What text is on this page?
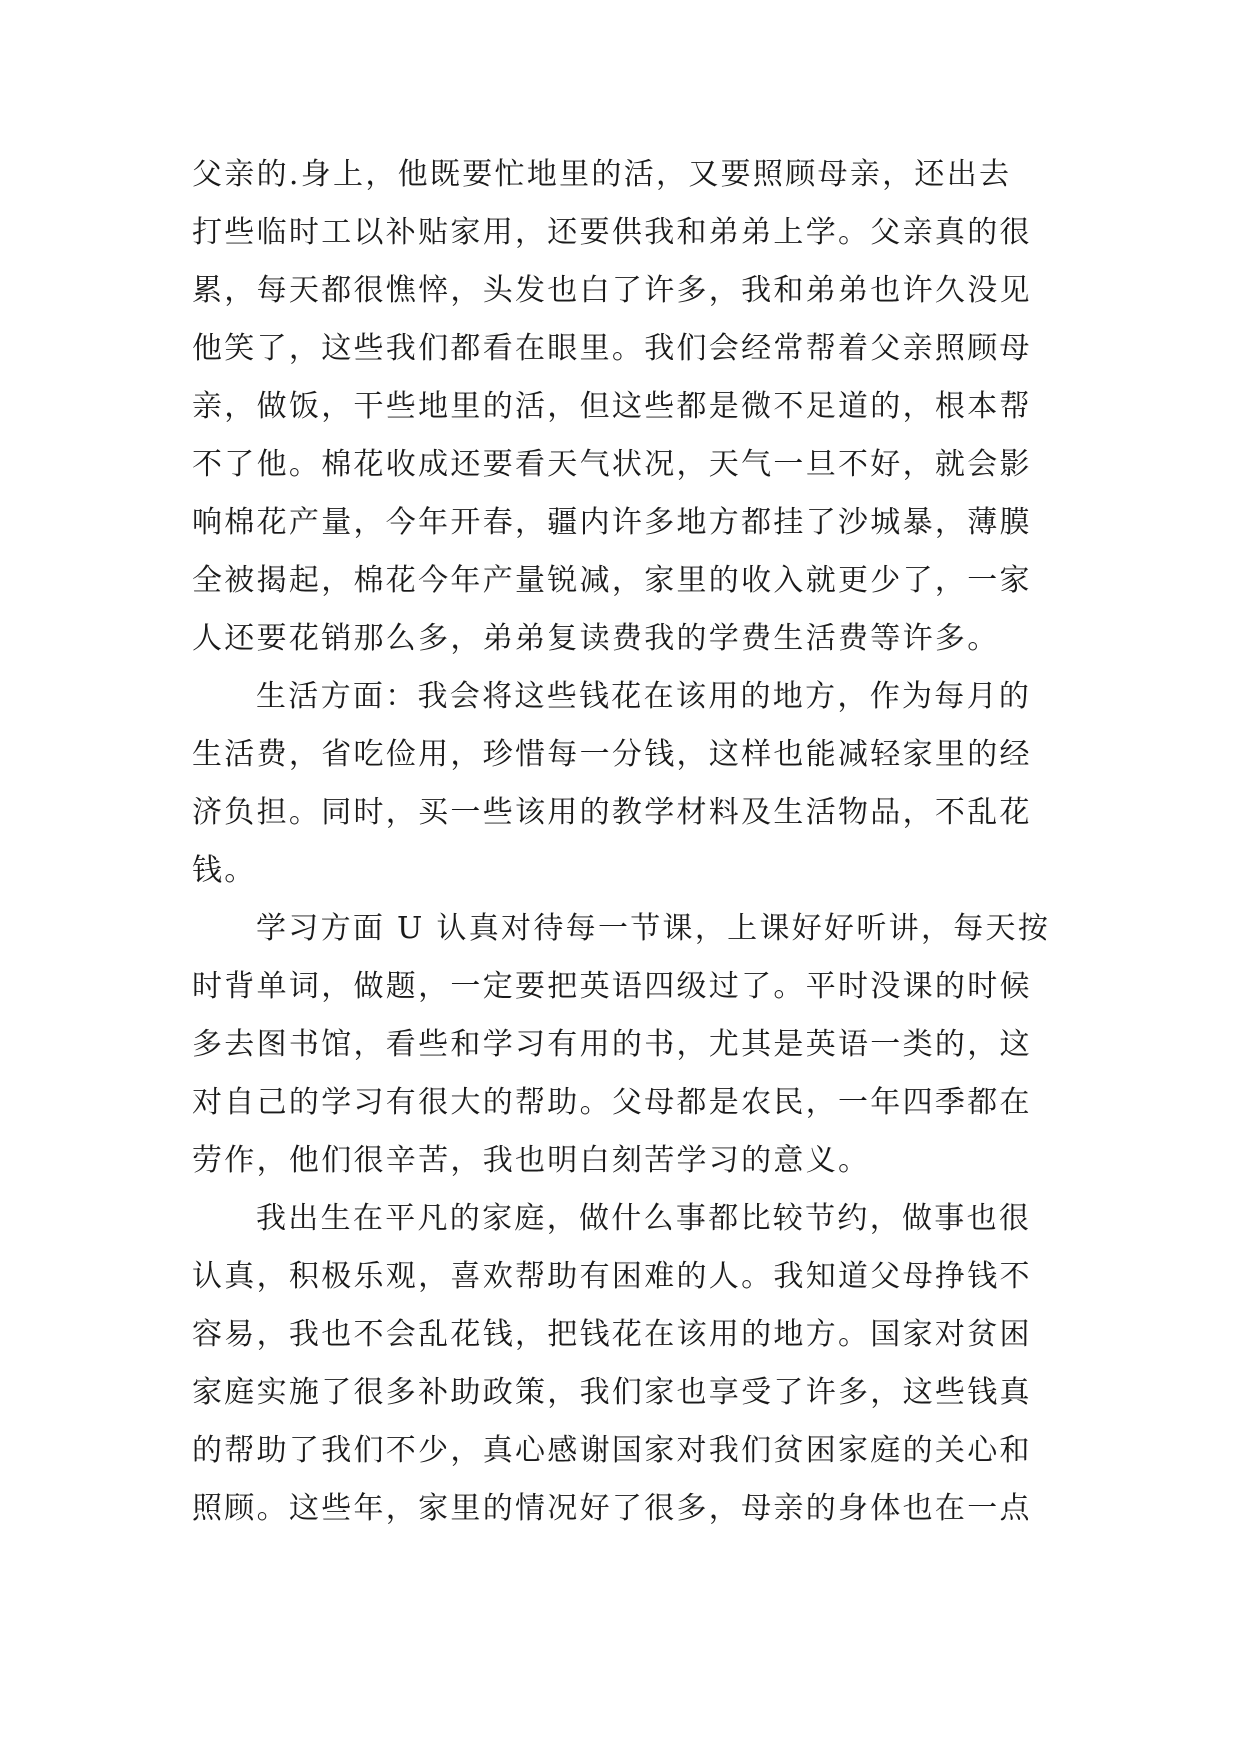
父亲的.身上，他既要忙地里的活，又要照顾母亲，还出去
打些临时工以补贴家用，还要供我和弟弟上学。父亲真的很
累，每天都很憔悴，头发也白了许多，我和弟弟也许久没见
他笑了，这些我们都看在眼里。我们会经常帮着父亲照顾母
亲，做饭，干些地里的活，但这些都是微不足道的，根本帮
不了他。棉花收成还要看天气状况，天气一旦不好，就会影
响棉花产量，今年开春，疆内许多地方都挂了沙城暴，薄膜
全被揭起，棉花今年产量锐减，家里的收入就更少了，一家
人还要花销那么多，弟弟复读费我的学费生活费等许多。
生活方面：我会将这些钱花在该用的地方，作为每月的
生活费，省吃俭用，珍惜每一分钱，这样也能减轻家里的经
济负担。同时，买一些该用的教学材料及生活物品，不乱花
钱。
学习方面 U 认真对待每一节课，上课好好听讲，每天按
时背单词，做题，一定要把英语四级过了。平时没课的时候
多去图书馆，看些和学习有用的书，尤其是英语一类的，这
对自己的学习有很大的帮助。父母都是农民，一年四季都在
劳作，他们很辛苦，我也明白刻苦学习的意义。
我出生在平凡的家庭，做什么事都比较节约，做事也很
认真，积极乐观，喜欢帮助有困难的人。我知道父母挣钱不
容易，我也不会乱花钱，把钱花在该用的地方。国家对贫困
家庭实施了很多补助政策，我们家也享受了许多，这些钱真
的帮助了我们不少，真心感谢国家对我们贫困家庭的关心和
照顾。这些年，家里的情况好了很多，母亲的身体也在一点
